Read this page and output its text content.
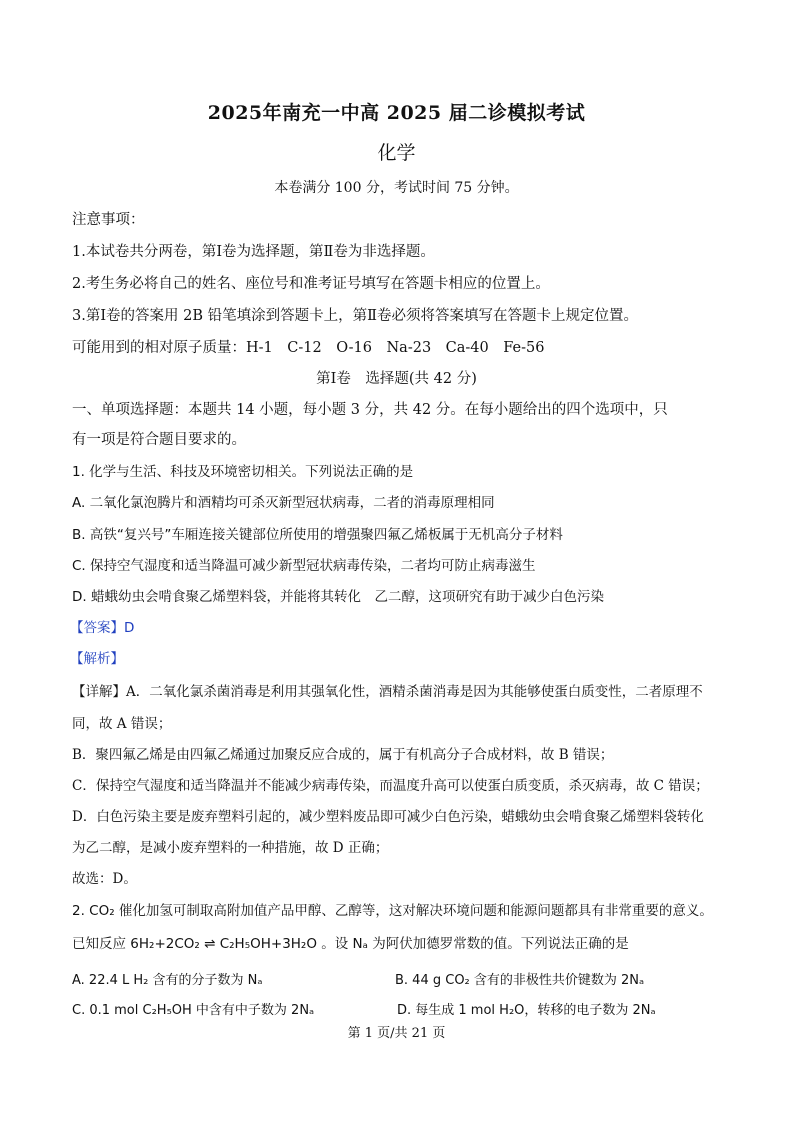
2025年南充一中高 2025 届二诊模拟考试
化学
本卷满分 100 分，考试时间 75 分钟。
注意事项：
1.本试卷共分两卷，第Ⅰ卷为选择题，第Ⅱ卷为非选择题。
2.考生务必将自己的姓名、座位号和准考证号填写在答题卡相应的位置上。
3.第Ⅰ卷的答案用 2B 铅笔填涂到答题卡上，第Ⅱ卷必须将答案填写在答题卡上规定位置。
可能用到的相对原子质量：H-1　C-12　O-16　Na-23　Ca-40　Fe-56
第Ⅰ卷　选择题(共 42 分)
一、单项选择题：本题共 14 小题，每小题 3 分，共 42 分。在每小题给出的四个选项中，只
有一项是符合题目要求的。
1. 化学与生活、科技及环境密切相关。下列说法正确的是
A. 二氧化氯泡腾片和酒精均可杀灭新型冠状病毒，二者的消毒原理相同
B. 高铁“复兴号”车厢连接关键部位所使用的增强聚四氟乙烯板属于无机高分子材料
C. 保持空气湿度和适当降温可减少新型冠状病毒传染，二者均可防止病毒滋生
D. 蜡蛾幼虫会啃食聚乙烯塑料袋，并能将其转化　乙二醇，这项研究有助于减少白色污染
【答案】D
【解析】
【详解】A．二氧化氯杀菌消毒是利用其强氧化性，酒精杀菌消毒是因为其能够使蛋白质变性，二者原理不
同，故 A 错误；
B．聚四氟乙烯是由四氟乙烯通过加聚反应合成的，属于有机高分子合成材料，故 B 错误；
C．保持空气湿度和适当降温并不能减少病毒传染，而温度升高可以使蛋白质变质，杀灭病毒，故 C 错误；
D．白色污染主要是废弃塑料引起的，减少塑料废品即可减少白色污染，蜡蛾幼虫会啃食聚乙烯塑料袋转化
为乙二醇，是减小废弃塑料的一种措施，故 D 正确；
故选：D。
2. CO₂ 催化加氢可制取高附加值产品甲醇、乙醇等，这对解决环境问题和能源问题都具有非常重要的意义。
已知反应 6H₂+2CO₂ ⇌ C₂H₅OH+3H₂O 。设 Nₐ 为阿伏加德罗常数的值。下列说法正确的是
A. 22.4 L H₂ 含有的分子数为 Nₐ	B. 44 g CO₂ 含有的非极性共价键数为 2Nₐ
C. 0.1 mol C₂H₅OH 中含有中子数为 2Nₐ	D. 每生成 1 mol H₂O，转移的电子数为 2Nₐ
第 1 页/共 21 页
